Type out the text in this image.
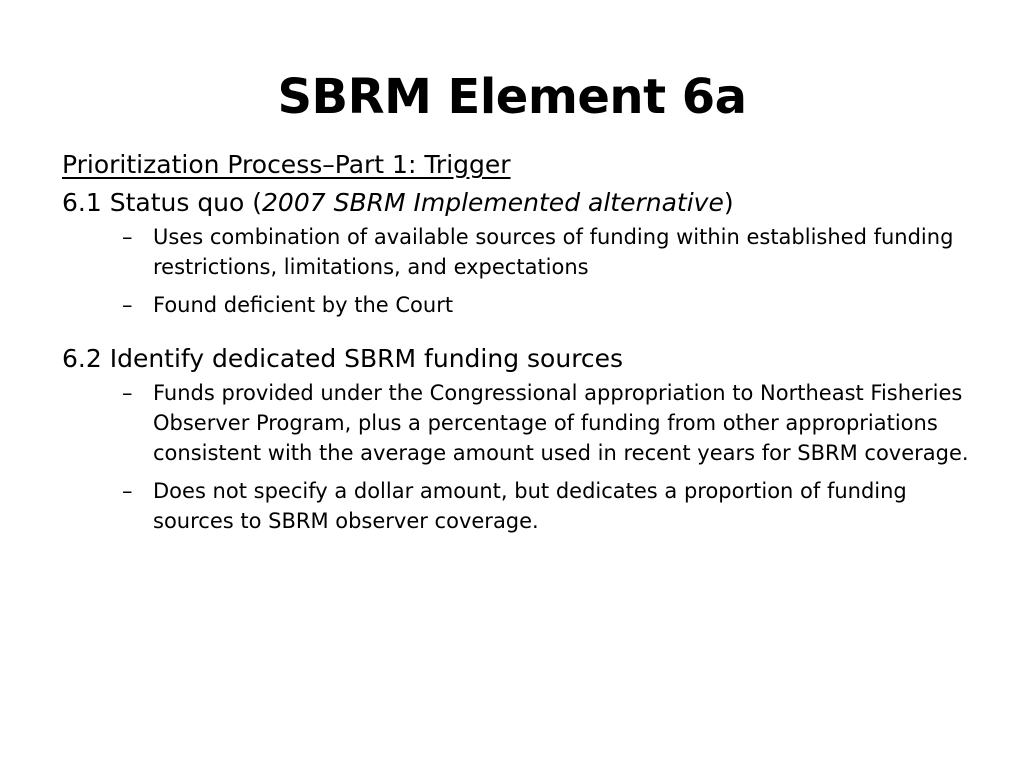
SBRM Element 6a
Prioritization Process–Part 1: Trigger
6.1 Status quo (2007 SBRM Implemented alternative)
– Uses combination of available sources of funding within established funding restrictions, limitations, and expectations
– Found deficient by the Court
6.2 Identify dedicated SBRM funding sources
– Funds provided under the Congressional appropriation to Northeast Fisheries Observer Program, plus a percentage of funding from other appropriations consistent with the average amount used in recent years for SBRM coverage.
– Does not specify a dollar amount, but dedicates a proportion of funding sources to SBRM observer coverage.
